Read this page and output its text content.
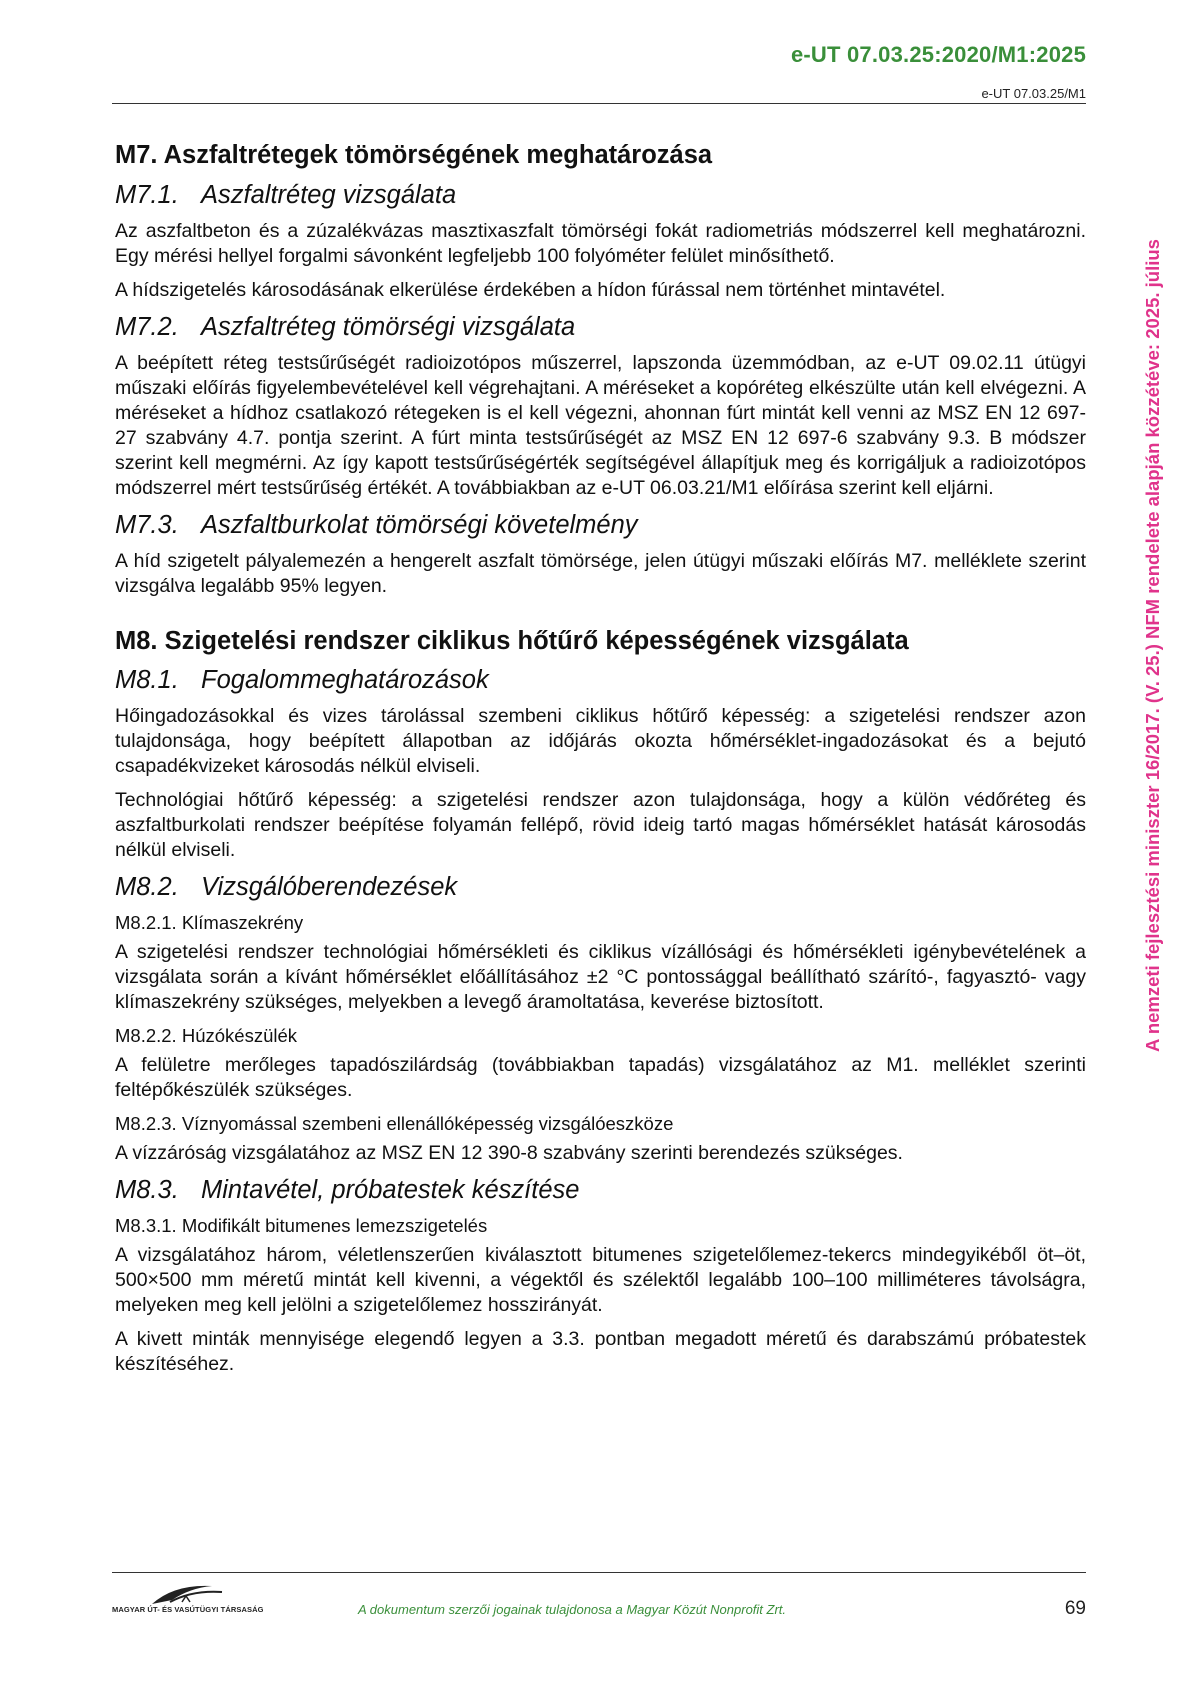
e-UT 07.03.25:2020/M1:2025
e-UT 07.03.25/M1
A nemzeti fejlesztési miniszter 16/2017. (V. 25.) NFM rendelete alapján közzétéve: 2025. július
M7. Aszfaltrétegek tömörségének meghatározása
M7.1. Aszfaltréteg vizsgálata

Az aszfaltbeton és a zúzalékvázas masztixaszfalt tömörségi fokát radiometriás módszerrel kell meghatározni. Egy mérési hellyel forgalmi sávonként legfeljebb 100 folyóméter felület minősíthető.

A hídszigetelés károsodásának elkerülése érdekében a hídon fúrással nem történhet mintavétel.

M7.2. Aszfaltréteg tömörségi vizsgálata

A beépített réteg testsűrűségét radioizotópos műszerrel, lapszonda üzemmódban, az e-UT 09.02.11 útügyi műszaki előírás figyelembevételével kell végrehajtani. A méréseket a kopóréteg elkészülte után kell elvégezni. A méréseket a hídhoz csatlakozó rétegeken is el kell végezni, ahonnan fúrt mintát kell venni az MSZ EN 12 697-27 szabvány 4.7. pontja szerint. A fúrt minta testsűrűségét az MSZ EN 12 697-6 szabvány 9.3. B módszer szerint kell megmérni. Az így kapott testsűrűségérték segítségével állapítjuk meg és korrigáljuk a radioizotópos módszerrel mért testsűrűség értékét. A továbbiakban az e-UT 06.03.21/M1 előírása szerint kell eljárni.

M7.3. Aszfaltburkolat tömörségi követelmény

A híd szigetelt pályalemezén a hengerelt aszfalt tömörsége, jelen útügyi műszaki előírás M7. melléklete szerint vizsgálva legalább 95% legyen.

M8. Szigetelési rendszer ciklikus hőtűrő képességének vizsgálata
M8.1. Fogalommeghatározások

Hőingadozásokkal és vizes tárolással szembeni ciklikus hőtűrő képesség: a szigetelési rendszer azon tulajdonsága, hogy beépített állapotban az időjárás okozta hőmérséklet-ingadozásokat és a bejutó csapadékvizeket károsodás nélkül elviseli.

Technológiai hőtűrő képesség: a szigetelési rendszer azon tulajdonsága, hogy a külön védőréteg és aszfaltburkolati rendszer beépítése folyamán fellépő, rövid ideig tartó magas hőmérséklet hatását károsodás nélkül elviseli.

M8.2. Vizsgálóberendezések
M8.2.1. Klímaszekrény

A szigetelési rendszer technológiai hőmérsékleti és ciklikus vízállósági és hőmérsékleti igénybevételének a vizsgálata során a kívánt hőmérséklet előállításához ±2 °C pontossággal beállítható szárító-, fagyasztó- vagy klímaszekrény szükséges, melyekben a levegő áramoltatása, keverése biztosított.

M8.2.2. Húzókészülék

A felületre merőleges tapadószilárdság (továbbiakban tapadás) vizsgálatához az M1. melléklet szerinti feltépőkészülék szükséges.

M8.2.3. Víznyomással szembeni ellenállóképesség vizsgálóeszköze

A vízzáróság vizsgálatához az MSZ EN 12 390-8 szabvány szerinti berendezés szükséges.

M8.3. Mintavétel, próbatestek készítése
M8.3.1. Modifikált bitumenes lemezszigetelés

A vizsgálatához három, véletlenszerűen kiválasztott bitumenes szigetelőlemez-tekercs mindegyikéből öt–öt, 500×500 mm méretű mintát kell kivenni, a végektől és szélektől legalább 100–100 milliméteres távolságra, melyeken meg kell jelölni a szigetelőlemez hosszirányát.

A kivett minták mennyisége elegendő legyen a 3.3. pontban megadott méretű és darabszámú próbatestek készítéséhez.

MAGYAR ÚT- ÉS VASÚTÜGYI TÁRSASÁG	A dokumentum szerzői jogainak tulajdonosa a Magyar Közút Nonprofit Zrt.	69
